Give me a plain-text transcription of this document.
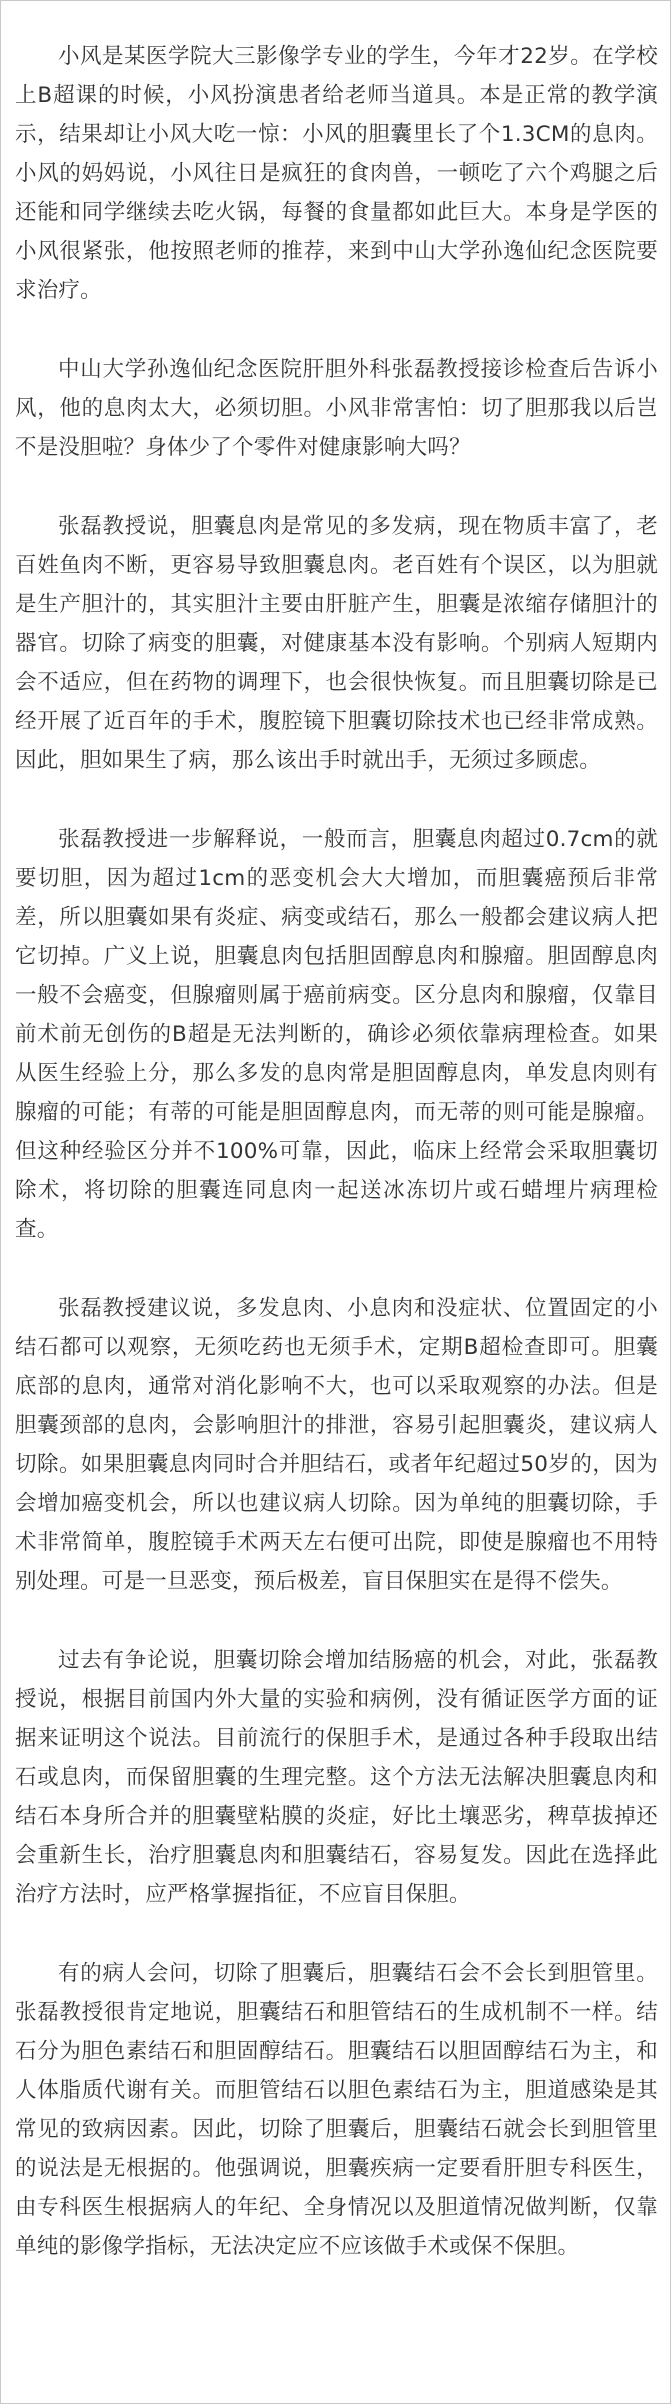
小风是某医学院大三影像学专业的学生，今年才22岁。在学校上B超课的时候，小风扮演患者给老师当道具。本是正常的教学演示，结果却让小风大吃一惊：小风的胆囊里长了个1.3CM的息肉。小风的妈妈说，小风往日是疯狂的食肉兽，一顿吃了六个鸡腿之后还能和同学继续去吃火锅，每餐的食量都如此巨大。本身是学医的小风很紧张，他按照老师的推荐，来到中山大学孙逸仙纪念医院要求治疗。

中山大学孙逸仙纪念医院肝胆外科张磊教授接诊检查后告诉小风，他的息肉太大，必须切胆。小风非常害怕：切了胆那我以后岂不是没胆啦？身体少了个零件对健康影响大吗？

张磊教授说，胆囊息肉是常见的多发病，现在物质丰富了，老百姓鱼肉不断，更容易导致胆囊息肉。老百姓有个误区，以为胆就是生产胆汁的，其实胆汁主要由肝脏产生，胆囊是浓缩存储胆汁的器官。切除了病变的胆囊，对健康基本没有影响。个别病人短期内会不适应，但在药物的调理下，也会很快恢复。而且胆囊切除是已经开展了近百年的手术，腹腔镜下胆囊切除技术也已经非常成熟。因此，胆如果生了病，那么该出手时就出手，无须过多顾虑。

张磊教授进一步解释说，一般而言，胆囊息肉超过0.7cm的就要切胆，因为超过1cm的恶变机会大大增加，而胆囊癌预后非常差，所以胆囊如果有炎症、病变或结石，那么一般都会建议病人把它切掉。广义上说，胆囊息肉包括胆固醇息肉和腺瘤。胆固醇息肉一般不会癌变，但腺瘤则属于癌前病变。区分息肉和腺瘤，仅靠目前术前无创伤的B超是无法判断的，确诊必须依靠病理检查。如果从医生经验上分，那么多发的息肉常是胆固醇息肉，单发息肉则有腺瘤的可能；有蒂的可能是胆固醇息肉，而无蒂的则可能是腺瘤。但这种经验区分并不100%可靠，因此，临床上经常会采取胆囊切除术，将切除的胆囊连同息肉一起送冰冻切片或石蜡埋片病理检查。

张磊教授建议说，多发息肉、小息肉和没症状、位置固定的小结石都可以观察，无须吃药也无须手术，定期B超检查即可。胆囊底部的息肉，通常对消化影响不大，也可以采取观察的办法。但是胆囊颈部的息肉，会影响胆汁的排泄，容易引起胆囊炎，建议病人切除。如果胆囊息肉同时合并胆结石，或者年纪超过50岁的，因为会增加癌变机会，所以也建议病人切除。因为单纯的胆囊切除，手术非常简单，腹腔镜手术两天左右便可出院，即使是腺瘤也不用特别处理。可是一旦恶变，预后极差，盲目保胆实在是得不偿失。

过去有争论说，胆囊切除会增加结肠癌的机会，对此，张磊教授说，根据目前国内外大量的实验和病例，没有循证医学方面的证据来证明这个说法。目前流行的保胆手术，是通过各种手段取出结石或息肉，而保留胆囊的生理完整。这个方法无法解决胆囊息肉和结石本身所合并的胆囊壁粘膜的炎症，好比土壤恶劣，稗草拔掉还会重新生长，治疗胆囊息肉和胆囊结石，容易复发。因此在选择此治疗方法时，应严格掌握指征，不应盲目保胆。

有的病人会问，切除了胆囊后，胆囊结石会不会长到胆管里。张磊教授很肯定地说，胆囊结石和胆管结石的生成机制不一样。结石分为胆色素结石和胆固醇结石。胆囊结石以胆固醇结石为主，和人体脂质代谢有关。而胆管结石以胆色素结石为主，胆道感染是其常见的致病因素。因此，切除了胆囊后，胆囊结石就会长到胆管里的说法是无根据的。他强调说，胆囊疾病一定要看肝胆专科医生，由专科医生根据病人的年纪、全身情况以及胆道情况做判断，仅靠单纯的影像学指标，无法决定应不应该做手术或保不保胆。
